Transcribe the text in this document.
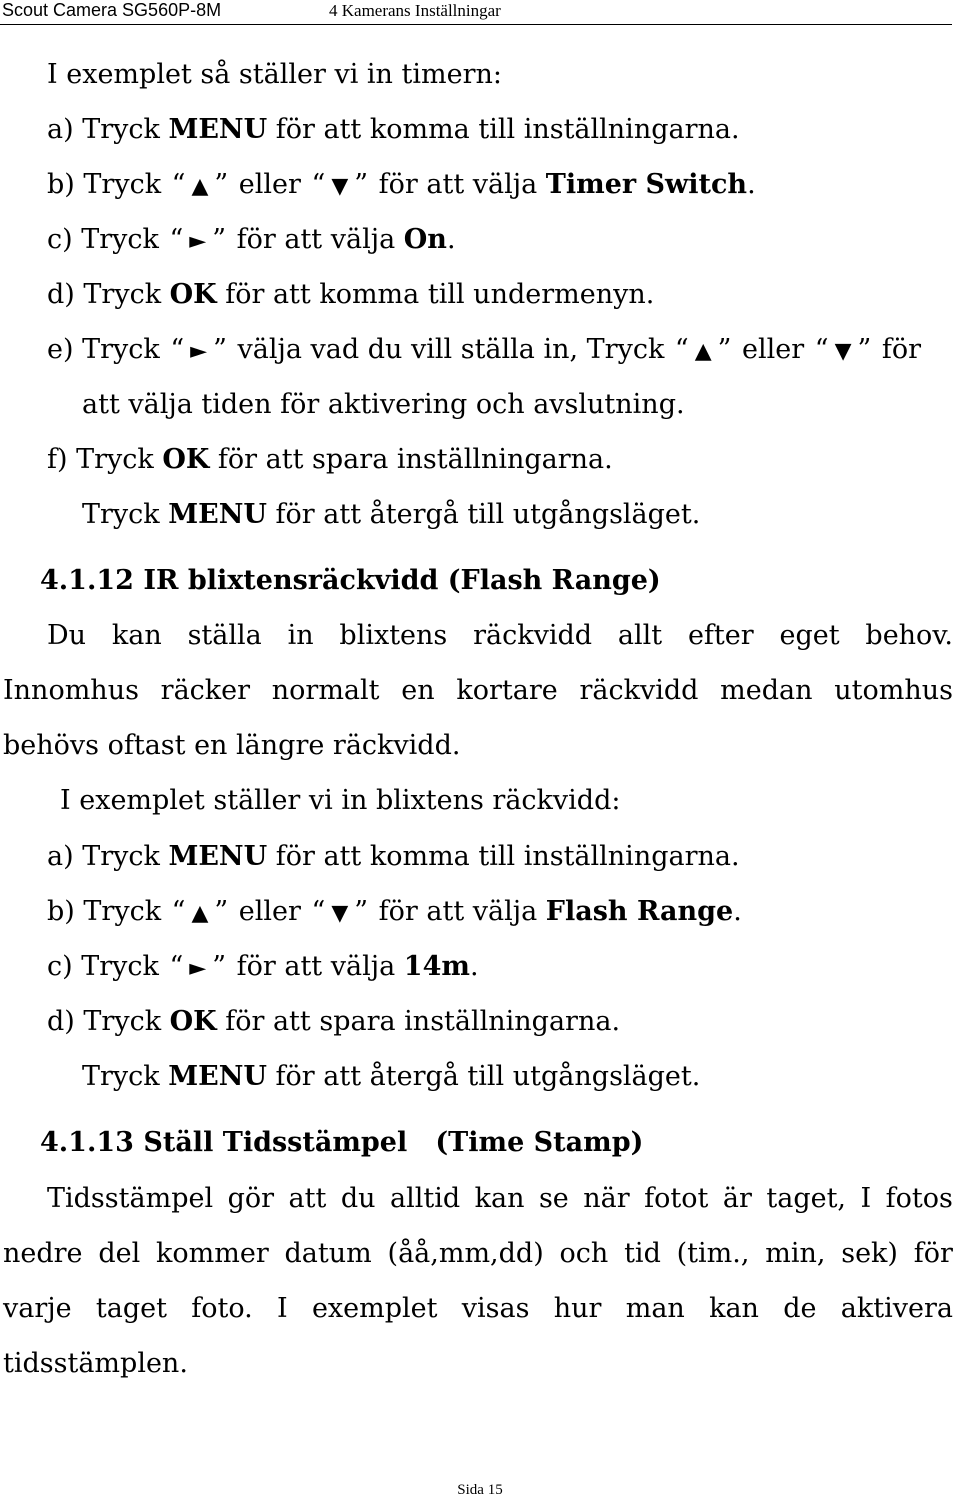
Scout Camera SG560P-8M	4 Kamerans Inställningar
I exemplet så ställer vi in timern:
a) Tryck MENU för att komma till inställningarna.
b) Tryck “ ▲ ” eller “ ▼ ” för att välja Timer Switch.
c) Tryck “ ► ” för att välja On.
d) Tryck OK för att komma till undermenyn.
e) Tryck “ ► ” välja vad du vill ställa in, Tryck “ ▲ ” eller “ ▼ ” för
att välja tiden för aktivering och avslutning.
f) Tryck OK för att spara inställningarna.
Tryck MENU för att återgå till utgångsläget.
4.1.12 IR blixtensräckvidd (Flash Range)
Du kan ställa in blixtens räckvidd allt efter eget behov.
Innomhus räcker normalt en kortare räckvidd medan utomhus
behövs oftast en längre räckvidd.
I exemplet ställer vi in blixtens räckvidd:
a) Tryck MENU för att komma till inställningarna.
b) Tryck “ ▲ ” eller “ ▼ ” för att välja Flash Range.
c) Tryck “ ► ” för att välja 14m.
d) Tryck OK för att spara inställningarna.
Tryck MENU för att återgå till utgångsläget.
4.1.13 Ställ Tidsstämpel   (Time Stamp)
Tidsstämpel gör att du alltid kan se när fotot är taget, I fotos
nedre del kommer datum (åå,mm,dd) och tid (tim., min, sek) för
varje taget foto. I exemplet visas hur man kan de aktivera
tidsstämplen.
Sida 15
